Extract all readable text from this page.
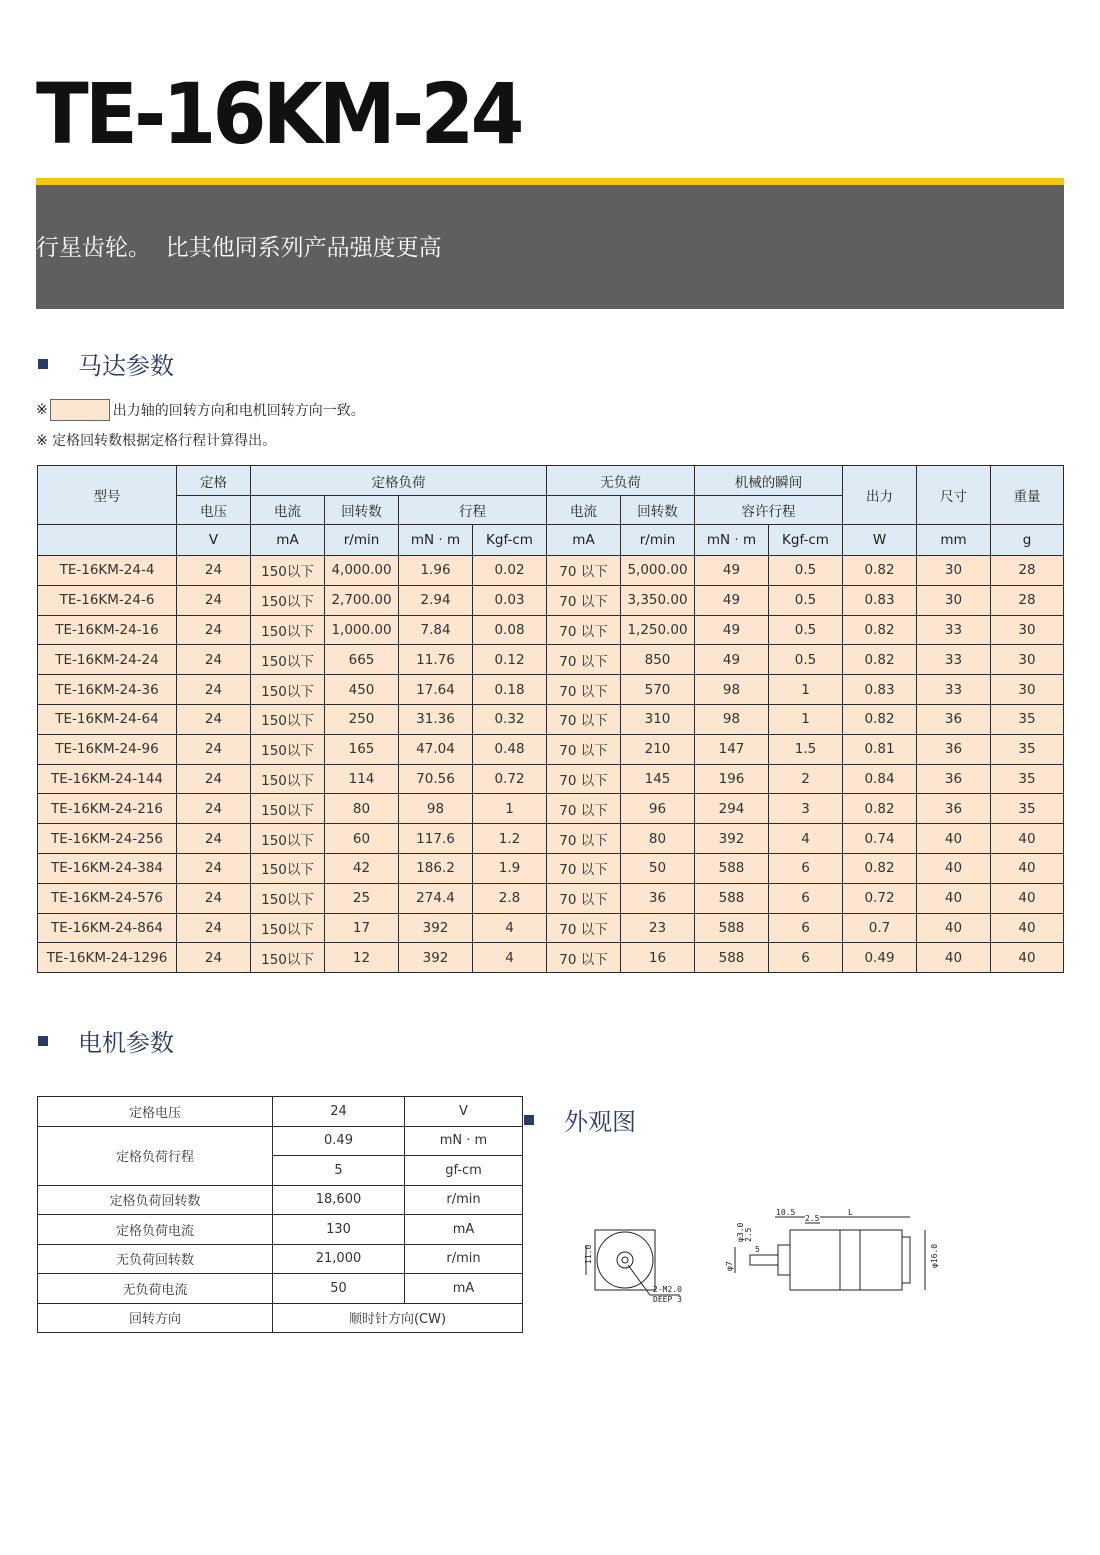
TE-16KM-24
行星齿轮。  比其他同系列产品强度更高
马达参数
※	出力轴的回转方向和电机回转方向一致。
※ 定格回转数根据定格行程计算得出。
型号	定格	定格负荷				无负荷		机械的瞬间		出力	尺寸	重量
	电压	电流	回转数	行程		电流	回转数	容许行程				
	V	mA	r/min	mN · m	Kgf-cm	mA	r/min	mN · m	Kgf-cm	W	mm	g
TE-16KM-24-4	24	150以下	4,000.00	1.96	0.02	70 以下	5,000.00	49	0.5	0.82	30	28
TE-16KM-24-6	24	150以下	2,700.00	2.94	0.03	70 以下	3,350.00	49	0.5	0.83	30	28
TE-16KM-24-16	24	150以下	1,000.00	7.84	0.08	70 以下	1,250.00	49	0.5	0.82	33	30
TE-16KM-24-24	24	150以下	665	11.76	0.12	70 以下	850	49	0.5	0.82	33	30
TE-16KM-24-36	24	150以下	450	17.64	0.18	70 以下	570	98	1	0.83	33	30
TE-16KM-24-64	24	150以下	250	31.36	0.32	70 以下	310	98	1	0.82	36	35
TE-16KM-24-96	24	150以下	165	47.04	0.48	70 以下	210	147	1.5	0.81	36	35
TE-16KM-24-144	24	150以下	114	70.56	0.72	70 以下	145	196	2	0.84	36	35
TE-16KM-24-216	24	150以下	80	98	1	70 以下	96	294	3	0.82	36	35
TE-16KM-24-256	24	150以下	60	117.6	1.2	70 以下	80	392	4	0.74	40	40
TE-16KM-24-384	24	150以下	42	186.2	1.9	70 以下	50	588	6	0.82	40	40
TE-16KM-24-576	24	150以下	25	274.4	2.8	70 以下	36	588	6	0.72	40	40
TE-16KM-24-864	24	150以下	17	392	4	70 以下	23	588	6	0.7	40	40
TE-16KM-24-1296	24	150以下	12	392	4	70 以下	16	588	6	0.49	40	40
电机参数
定格电压	24	V
定格负荷行程	0.49	mN · m
	5	gf-cm
定格负荷回转数	18,600	r/min
定格负荷电流	130	mA
无负荷回转数	21,000	r/min
无负荷电流	50	mA
回转方向	顺时针方向(CW)	
外观图
11.0
2-M2.0
DEEP 3
10.5
2.5
L
5
φ3.0 2.5
φ7	φ16.0
